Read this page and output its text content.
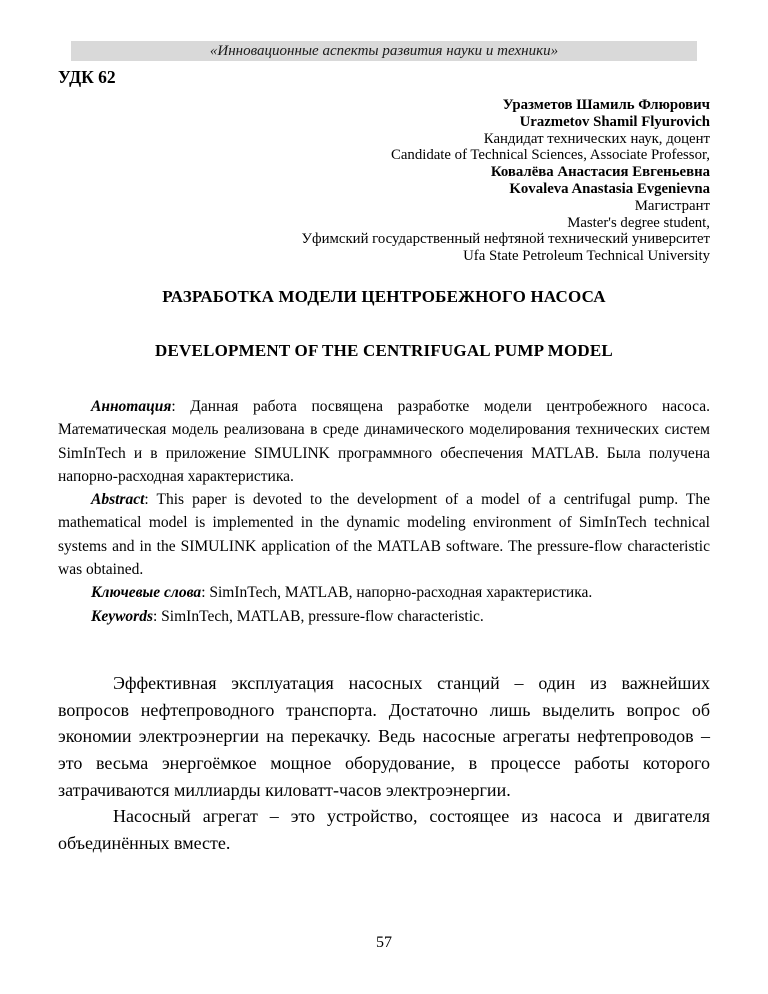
«Инновационные аспекты развития науки и техники»
УДК 62
Уразметов Шамиль Флюрович
Urazmetov Shamil Flyurovich
Кандидат технических наук, доцент
Candidate of Technical Sciences, Associate Professor,
Ковалёва Анастасия Евгеньевна
Kovaleva Anastasia Evgenievna
Магистрант
Master's degree student,
Уфимский государственный нефтяной технический университет
Ufa State Petroleum Technical University
РАЗРАБОТКА МОДЕЛИ ЦЕНТРОБЕЖНОГО НАСОСА
DEVELOPMENT OF THE CENTRIFUGAL PUMP MODEL

Аннотация: Данная работа посвящена разработке модели центробежного насоса. Математическая модель реализована в среде динамического моделирования технических систем SimInTech и в приложение SIMULINK программного обеспечения MATLAB. Была получена напорно-расходная характеристика.

Abstract: This paper is devoted to the development of a model of a centrifugal pump. The mathematical model is implemented in the dynamic modeling environment of SimInTech technical systems and in the SIMULINK application of the MATLAB software. The pressure-flow characteristic was obtained.

Ключевые слова: SimInTech, MATLAB, напорно-расходная характеристика.

Keywords: SimInTech, MATLAB, pressure-flow characteristic.

Эффективная эксплуатация насосных станций – один из важнейших вопросов нефтепроводного транспорта. Достаточно лишь выделить вопрос об экономии электроэнергии на перекачку. Ведь насосные агрегаты нефтепроводов – это весьма энергоёмкое мощное оборудование, в процессе работы которого затрачиваются миллиарды киловатт-часов электроэнергии.

Насосный агрегат – это устройство, состоящее из насоса и двигателя объединённых вместе.

57
